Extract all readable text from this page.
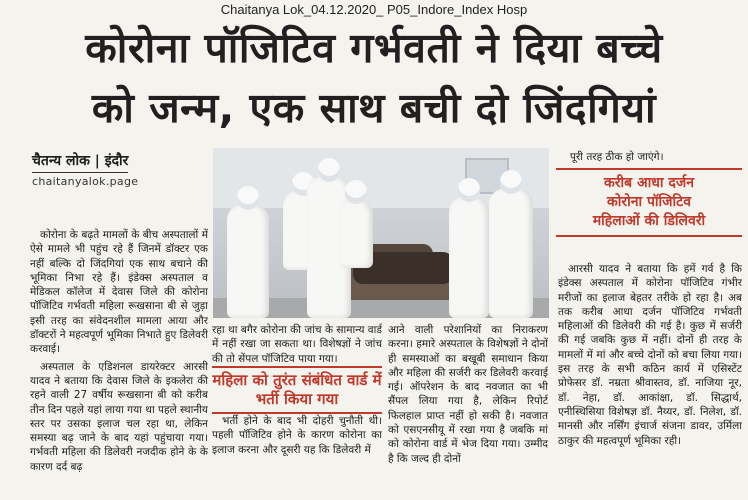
Chaitanya Lok_04.12.2020_ P05_Indore_Index Hosp
कोरोना पॉजिटिव गर्भवती ने दिया बच्चे
को जन्म, एक साथ बची दो जिंदगियां
चैतन्य लोक | इंदौर
chaitanyalok.page

कोरोना के बढ़ते मामलों के बीच अस्पतालों में ऐसे मामले भी पहुंच रहे हैं जिनमें डॉक्टर एक नहीं बल्कि दो जिंदगियां एक साथ बचाने की भूमिका निभा रहे हैं। इंडेक्स अस्पताल व मेडिकल कॉलेज में देवास जिले की कोरोना पॉजिटिव गर्भवती महिला रूखसाना बी से जुड़ा इसी तरह का संवेदनशील मामला आया और डॉक्टरों ने महत्वपूर्ण भूमिका निभाते हुए डिलेवरी करवाई।

अस्पताल के एडिशनल डायरेक्टर आरसी यादव ने बताया कि देवास जिले के इकलेरा की रहने वाली 27 वर्षीय रूखसाना बी को करीब तीन दिन पहले यहां लाया गया था पहले स्थानीय स्तर पर उसका इलाज चल रहा था, लेकिन समस्या बढ़ जाने के बाद यहां पहुंचाया गया। गर्भवती महिला की डिलेवरी नजदीक होने के के कारण दर्द बढ़

रहा था बगैर कोरोना की जांच के सामान्य वार्ड में नहीं रखा जा सकता था। विशेषज्ञों ने जांच की तो सेंपल पॉजिटिव पाया गया।

महिला को तुरंत संबंधित वार्ड में भर्ती किया गया

भर्ती होने के बाद भी दोहरी चुनौती थी। पहली पॉजिटिव होने के कारण कोरोना का इलाज करना और दूसरी यह कि डिलेवरी में

आने वाली परेशानियों का निराकरण करना। हमारे अस्पताल के विशेषज्ञों ने दोनों ही समस्याओं का बखूबी समाधान किया और महिला की सर्जरी कर डिलेवरी करवाई गई। ऑपरेशन के बाद नवजात का भी सैंपल लिया गया है, लेकिन रिपोर्ट फिलहाल प्राप्त नहीं हो सकी है। नवजात को एसएनसीयू में रखा गया है जबकि मां को कोरोना वार्ड में भेज दिया गया। उम्मीद है कि जल्द ही दोनों

पूरी तरह ठीक हो जाएंगे।

करीब आधा दर्जन
कोरोना पॉजिटिव
महिलाओं की डिलिवरी

आरसी यादव ने बताया कि हमें गर्व है कि इंडेक्स अस्पताल में कोरोना पॉजिटिव गंभीर मरीजों का इलाज बेहतर तरीके हो रहा है। अब तक करीब आधा दर्जन पॉजिटिव गर्भवती महिलाओं की डिलेवरी की गई है। कुछ में सर्जरी की गई जबकि कुछ में नहीं। दोनों ही तरह के मामलों में मां और बच्चे दोनों को बचा लिया गया। इस तरह के सभी कठिन कार्य में एसिस्टेंट प्रोफेसर डॉ. नम्रता श्रीवास्तव, डॉ. नाजिया नूर, डॉ. नेहा, डॉ. आकांक्षा, डॉ. सिद्धार्थ, एनीस्थिसिया विशेषज्ञ डॉ. नैय्यर, डॉ. निलेश, डॉ. मानसी और नर्सिंग इंचार्ज संजना डावर, उर्मिला ठाकुर की महत्वपूर्ण भूमिका रही।
